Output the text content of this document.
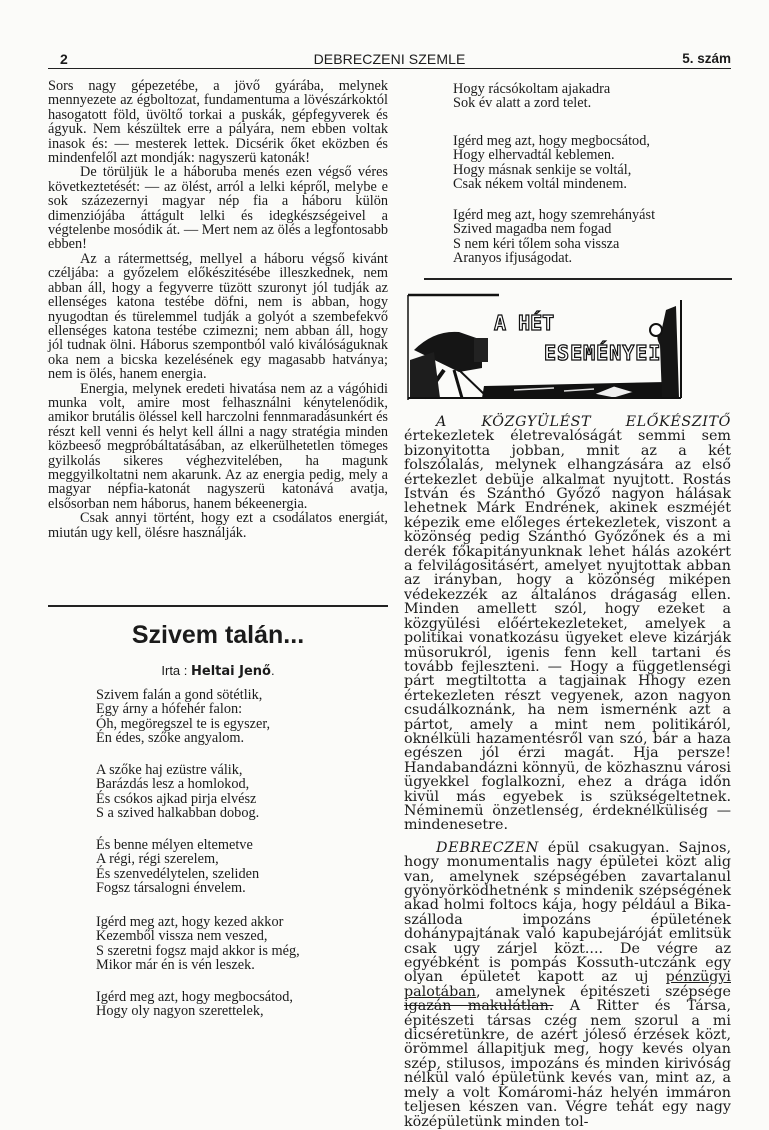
2	DEBRECZENI SZEMLE	5. szám

Sors nagy gépezetébe, a jövő gyárába, melynek mennyezete az égboltozat, fundamentuma a lövészárkoktól hasogatott föld, üvöltő torkai a puskák, gépfegyverek és ágyuk. Nem készültek erre a pályára, nem ebben voltak inasok és: — mesterek lettek. Dicsérik őket eközben és mindenfelől azt mondják: nagyszerü katonák!

De törüljük le a háboruba menés ezen végső véres következtetését: — az ölést, arról a lelki képről, melybe e sok százezernyi magyar nép fia a háboru külön dimenziójába áttágult lelki és idegkészségeivel a végtelenbe mosódik át. — Mert nem az ölés a legfontosabb ebben!

Az a rátermettség, mellyel a háboru végső kivánt czéljába: a győzelem előkészitésébe illeszkednek, nem abban áll, hogy a fegyverre tüzött szuronyt jól tudják az ellenséges katona testébe döfni, nem is abban, hogy nyugodtan és türelemmel tudják a golyót a szembefekvő ellenséges katona testébe czimezni; nem abban áll, hogy jól tudnak ölni. Háborus szempontból való kiválóságuknak oka nem a bicska kezelésének egy magasabb hatványa; nem is ölés, hanem energia.

Energia, melynek eredeti hivatása nem az a vágóhidi munka volt, amire most felhasználni kénytelenődik, amikor brutális öléssel kell harczolni fennmaradásunkért és részt kell venni és helyt kell állni a nagy stratégia minden közbeeső megpróbáltatásában, az elkerülhetetlen tömeges gyilkolás sikeres véghezvitelében, ha magunk meggyilkoltatni nem akarunk. Az az energia pedig, mely a magyar népfia-katonát nagyszerü katonává avatja, elsősorban nem háborus, hanem békeenergia.

Csak annyi történt, hogy ezt a csodálatos energiát, miután ugy kell, ölésre használják.

Szivem talán...
Irta : Heltai Jenő.
Szivem falán a gond sötétlik,
Egy árny a hófehér falon:
Óh, megöregszel te is egyszer,
Én édes, szőke angyalom.
A szőke haj ezüstre válik,
Barázdás lesz a homlokod,
És csókos ajkad pirja elvész
S a szived halkabban dobog.
És benne mélyen eltemetve
A régi, régi szerelem,
És szenvedélytelen, szeliden
Fogsz társalogni énvelem.
Igérd meg azt, hogy kezed akkor
Kezemből vissza nem veszed,
S szeretni fogsz majd akkor is még,
Mikor már én is vén leszek.
Igérd meg azt, hogy megbocsátod,
Hogy oly nagyon szerettelek,
Hogy rácsókoltam ajakadra
Sok év alatt a zord telet.
Igérd meg azt, hogy megbocsátod,
Hogy elhervadtál keblemen.
Hogy másnak senkije se voltál,
Csak nékem voltál mindenem.
Igérd meg azt, hogy szemrehányást
Szived magadba nem fogad
S nem kéri tőlem soha vissza
Aranyos ifjuságodat.
A HÉT
ESEMÉNYEI

A KÖZGYÜLÉST ELŐKÉSZITŐ értekezletek életrevalóságát semmi sem bizonyitotta jobban, mnit az a két folszólalás, melynek elhangzására az első értekezlet debüje alkalmat nyujtott. Rostás István és Szánthó Győző nagyon hálásak lehetnek Márk Endrének, akinek eszméjét képezik eme előleges értekezletek, viszont a közönség pedig Szánthó Győzőnek és a mi derék főkapitányunknak lehet hálás azokért a felvilágositásért, amelyet nyujtottak abban az irányban, hogy a közönség miképen védekezzék az általános drágaság ellen. Minden amellett szól, hogy ezeket a közgyülési előértekezleteket, amelyek a politikai vonatkozásu ügyeket eleve kizárják müsorukról, igenis fenn kell tartani és tovább fejleszteni. — Hogy a függetlenségi párt megtiltotta a tagjainak Hhogy ezen értekezleten részt vegyenek, azon nagyon csudálkoznánk, ha nem ismernénk azt a pártot, amely a mint nem politikáról, oknélküli hazamentésről van szó, bár a haza egészen jól érzi magát. Hja persze! Handabandázni könnyü, de közhasznu városi ügyekkel foglalkozni, ehez a drága időn kivül más egyebek is szükségeltetnek. Néminemü önzetlenség, érdeknélküliség — mindenesetre.

DEBRECZEN épül csakugyan. Sajnos, hogy monumentalis nagy épületei közt alig van, amelynek szépségében zavartalanul gyönyörködhetnénk s mindenik szépségének akad holmi foltocs kája, hogy például a Bika-szálloda impozáns épületének dohánypajtának való kapubejáróját emlitsük csak ugy zárjel közt.... De végre az egyébként is pompás Kossuth-utczánk egy olyan épületet kapott az uj pénzügyi palotában, amelynek épitészeti szépsége igazán makulátlan. A Ritter és Társa, épitészeti társas czég nem szorul a mi dicséretünkre, de azért jóleső érzések közt, örömmel állapitjuk meg, hogy kevés olyan szép, stilusos, impozáns és minden kirivóság nélkül való épületünk kevés van, mint az, a mely a volt Komáromi-ház helyén immáron teljesen készen van. Végre tehát egy nagy középületünk minden tol-
